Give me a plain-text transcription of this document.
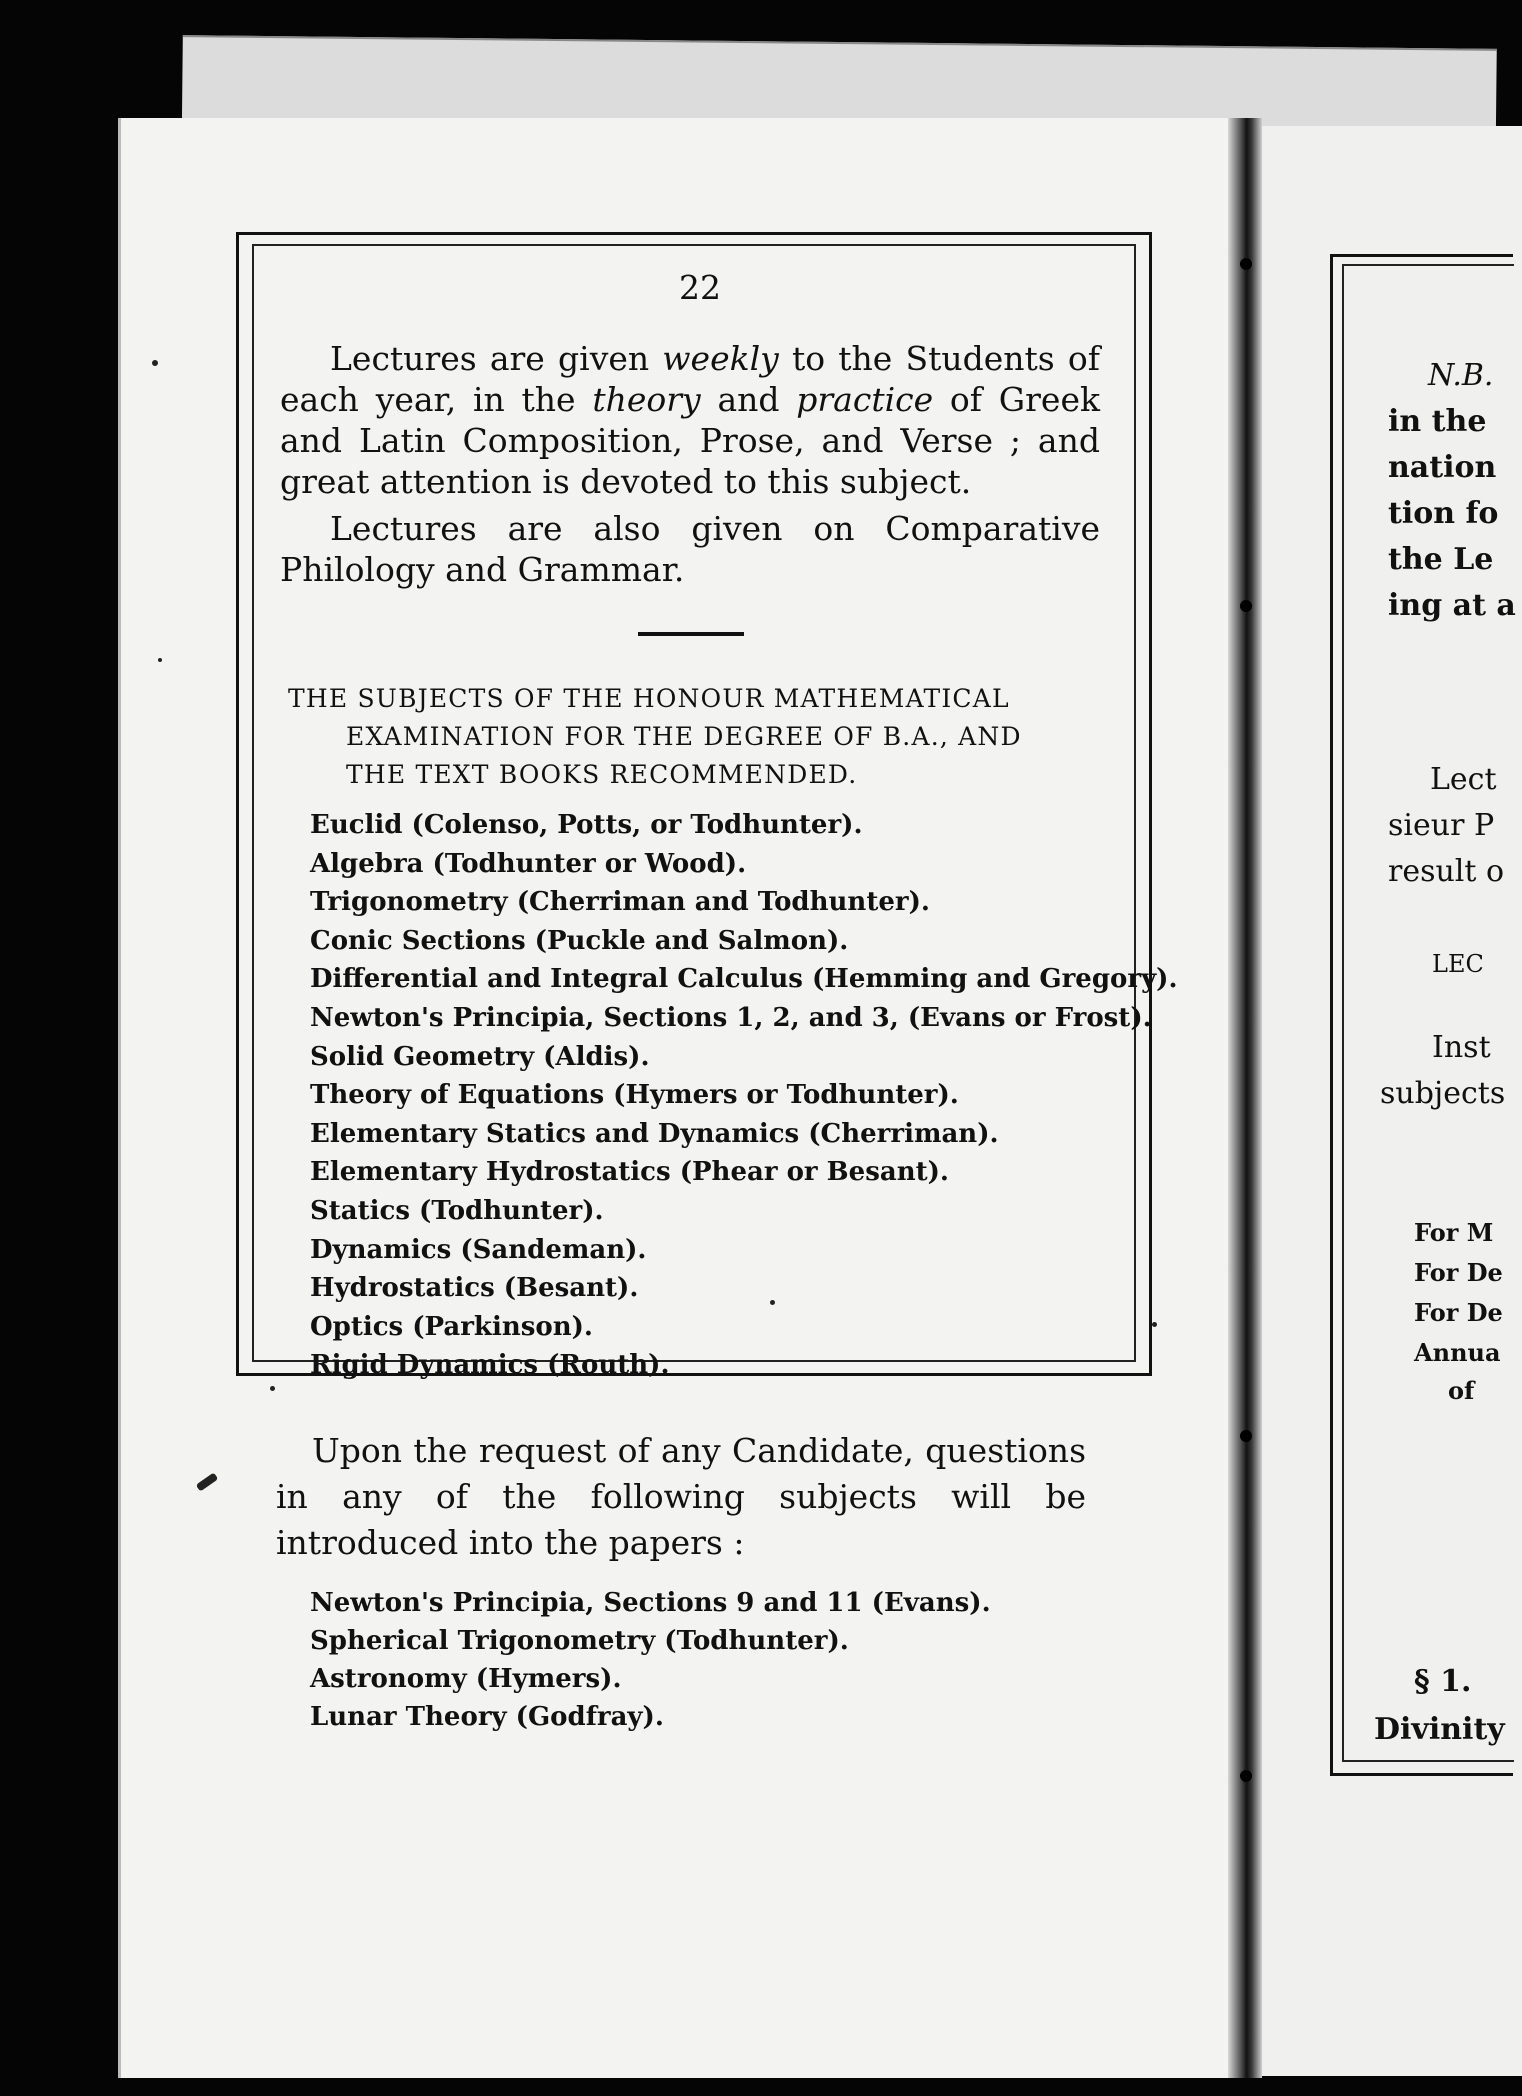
22

Lectures are given weekly to the Students of each year, in the theory and practice of Greek and Latin Composition, Prose, and Verse ; and great attention is devoted to this subject.

Lectures are also given on Comparative Philology and Grammar.

THE SUBJECTS OF THE HONOUR MATHEMATICAL
EXAMINATION FOR THE DEGREE OF B.A., AND
THE TEXT BOOKS RECOMMENDED.
Euclid (Colenso, Potts, or Todhunter).
Algebra (Todhunter or Wood).
Trigonometry (Cherriman and Todhunter).
Conic Sections (Puckle and Salmon).
Differential and Integral Calculus (Hemming and Gregory).
Newton's Principia, Sections 1, 2, and 3, (Evans or Frost).
Solid Geometry (Aldis).
Theory of Equations (Hymers or Todhunter).
Elementary Statics and Dynamics (Cherriman).
Elementary Hydrostatics (Phear or Besant).
Statics (Todhunter).
Dynamics (Sandeman).
Hydrostatics (Besant).
Optics (Parkinson).
Rigid Dynamics (Routh).

Upon the request of any Candidate, questions in any of the following subjects will be introduced into the papers :

Newton's Principia, Sections 9 and 11 (Evans).
Spherical Trigonometry (Todhunter).
Astronomy (Hymers).
Lunar Theory (Godfray).
N.B.
in the
nation
tion fo
the Le
ing at a
Lect
sieur P
result o
LEC
Inst
subjects
For M
For De
For De
Annua
of
§ 1.
Divinity
